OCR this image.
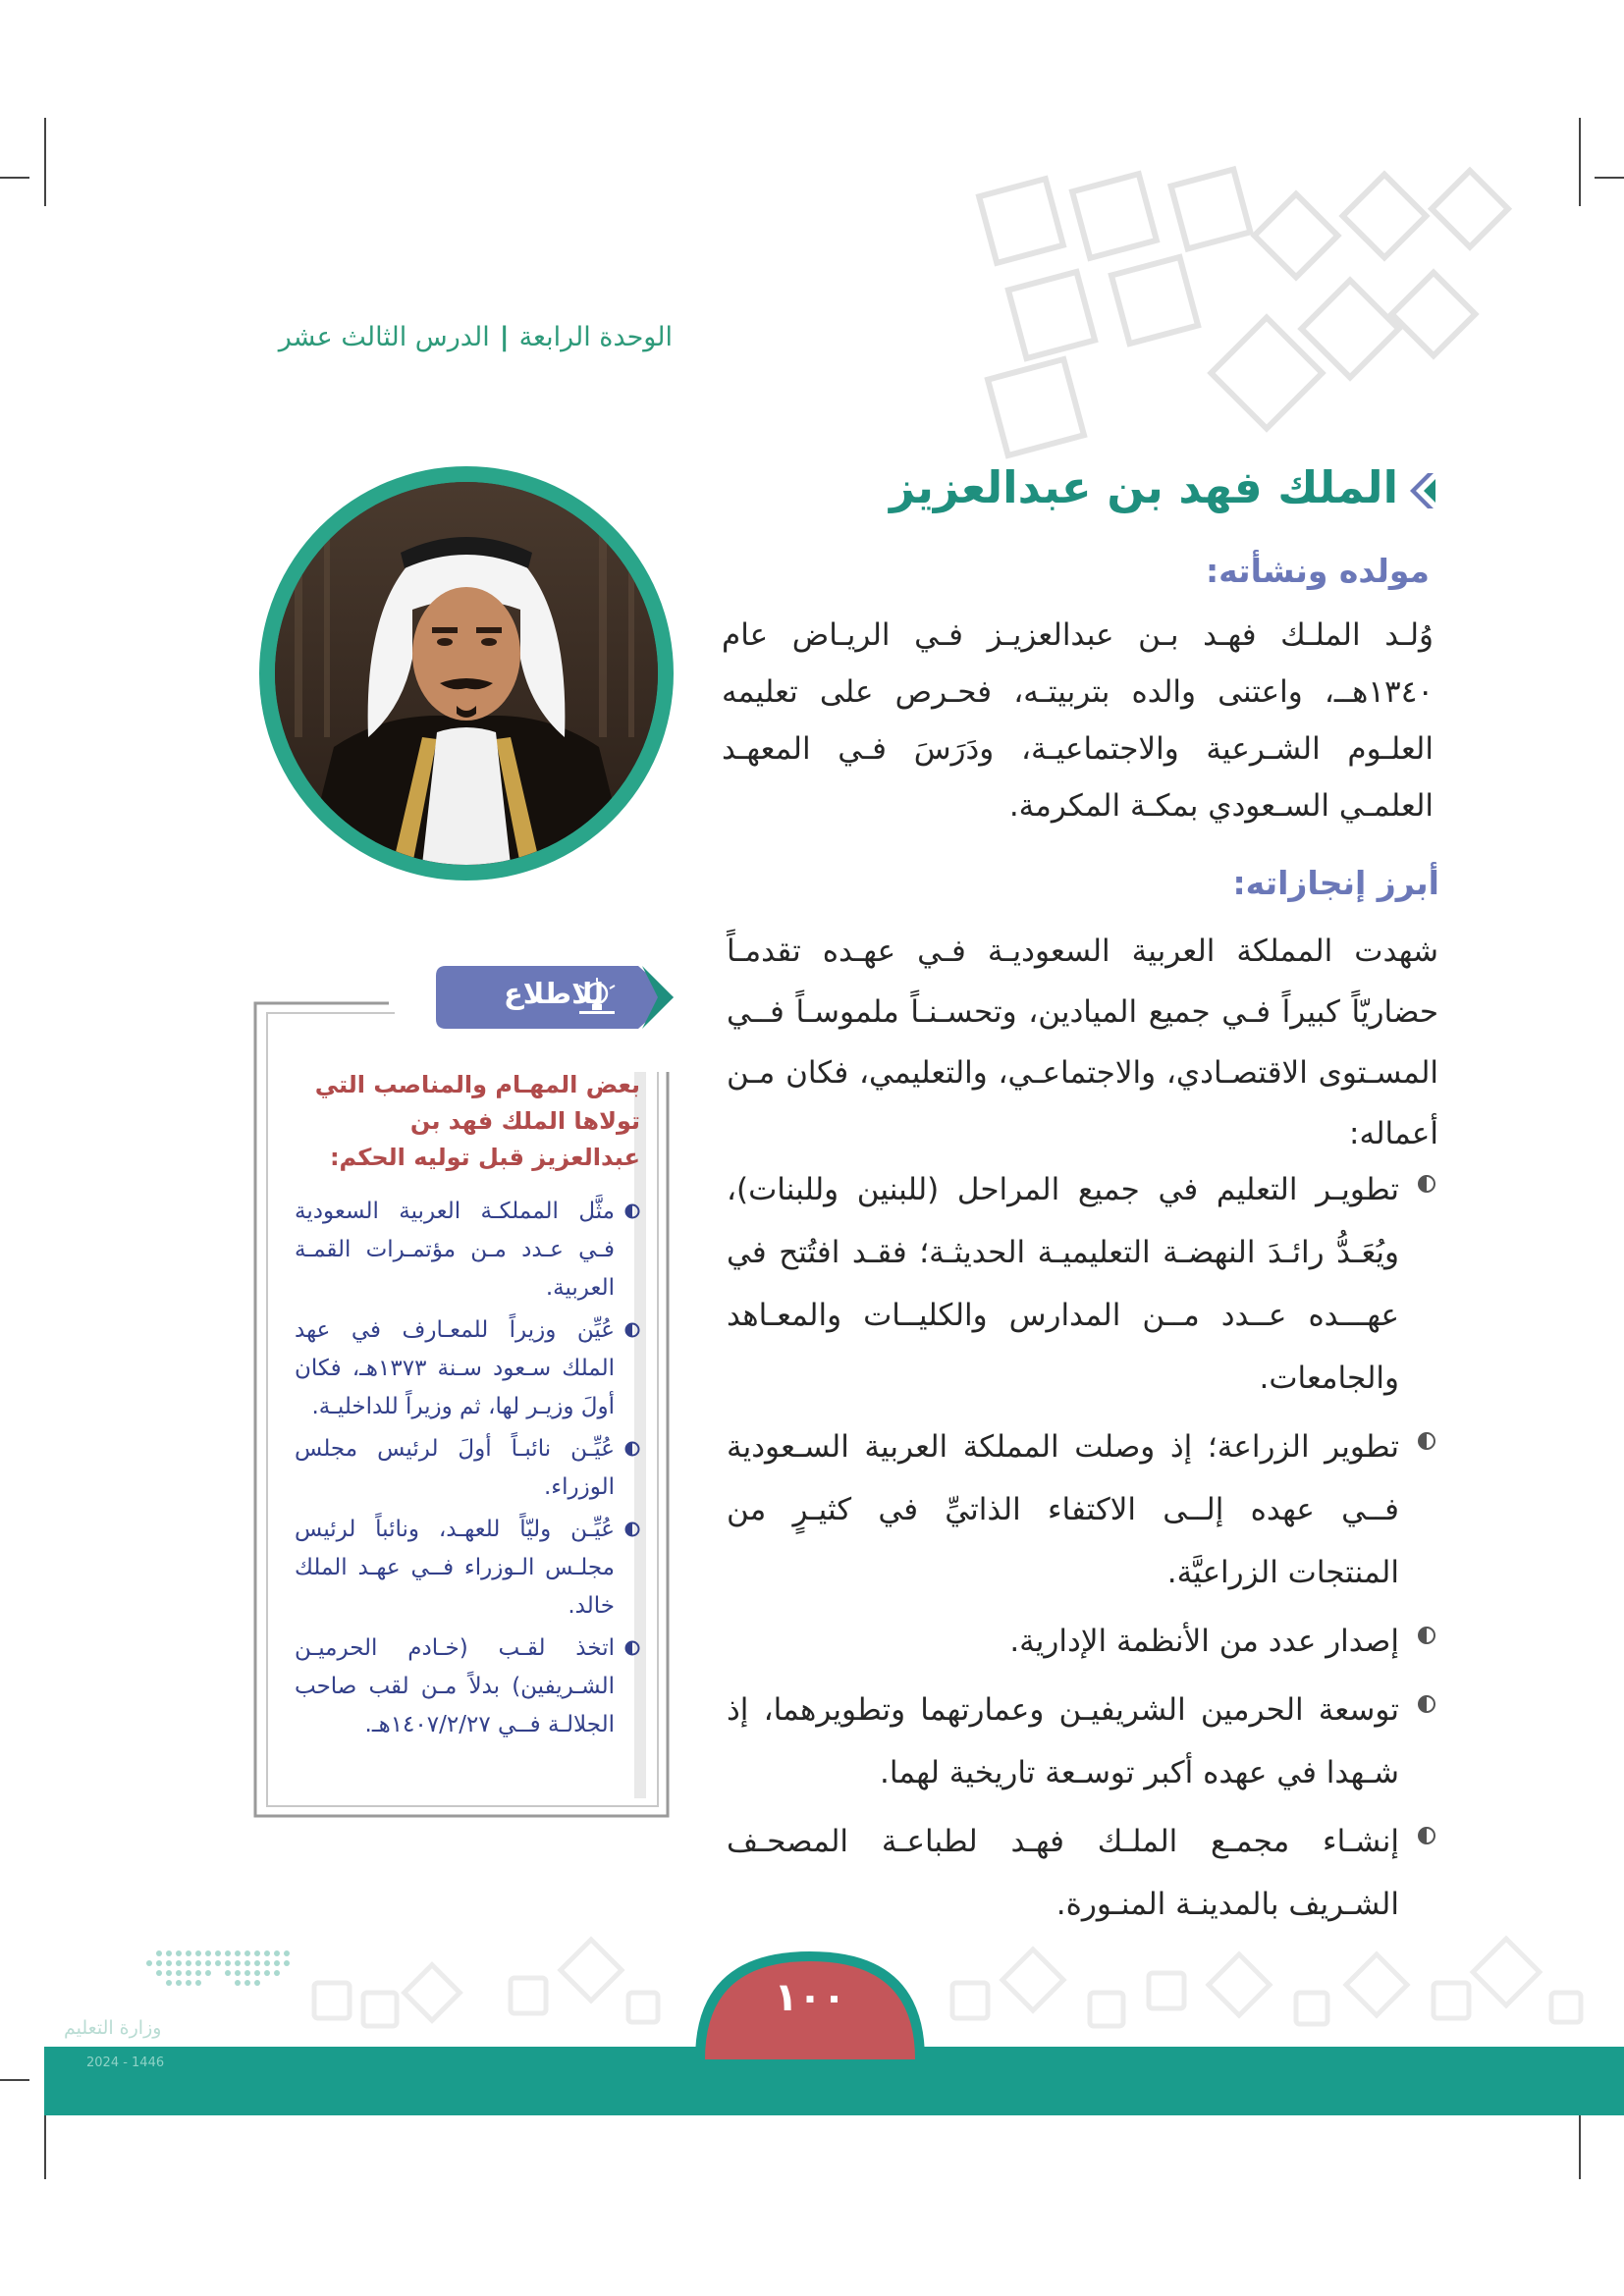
الوحدة الرابعة|الدرس الثالث عشر
الملك فهد بن عبدالعزيز
مولده ونشأته:
وُلـد الملـك فهـد بـن عبدالعزيـز فـي الريـاض عام ١٣٤٠هــ، واعتنى والده بتربيتـه، فحـرص على تعليمه العلـوم الشـرعية والاجتماعيـة، ودَرَسَ فـي المعهـد العلمـي السـعودي بمكـة المكرمة.
أبرز إنجازاته:
شهدت المملكة العربية السعوديـة فـي عهـده تقدمـاً حضاريّاً كبيراً فـي جميع الميادين، وتحسـنـاً ملموسـاً فــي المسـتوى الاقتصـادي، والاجتماعـي، والتعليمي، فكان مـن أعماله:
تطويـر التعليم في جميع المراحل (للبنين وللبنات)، ويُعَـدُّ رائـدَ النهضـة التعليميـة الحديثـة؛ فقـد افتُتح في عهـــده عــدد مــن المدارس والكليــات والمعـاهد والجامعات.
تطوير الزراعة؛ إذ وصلت المملكة العربية السـعودية فــي عهده إلــى الاكتفاء الذاتيِّ في كثيـرٍ من المنتجات الزراعيَّة.
إصدار عدد من الأنظمة الإدارية.
توسعة الحرمين الشريفيـن وعمارتهما وتطويرهما، إذ شـهدا في عهده أكبر توسـعة تاريخية لهما.
إنشـاء مجمـع الملـك فهـد لطباعـة المصحـف الشـريف بالمدينـة المنـورة.
للاطلاع
بعض المهـام والمناصب التي تولاها الملك فهد بن عبدالعزيز قبل توليه الحكم:
مثَّل المملكـة العربية السعودية فـي عـدد مـن مؤتمـرات القمـة العربية.
عُيِّن وزيراً للمعـارف في عهد الملك سـعود سـنة ١٣٧٣هـ، فكان أولَ وزيـر لها، ثم وزيراً للداخليـة.
عُيِّـن نائبـاً أولَ لرئيس مجلس الوزراء.
عُيِّـن وليّاً للعهـد، ونائباً لرئيس مجلـس الـوزراء فــي عهـد الملك خالد.
اتخذ لقـب (خـادم الحرميـن الشـريفين) بدلاً مـن لقب صاحب الجلالـة فــي ١٤٠٧/٢/٢٧هـ.
وزارة التعليم
2024 - 1446
١٠٠
